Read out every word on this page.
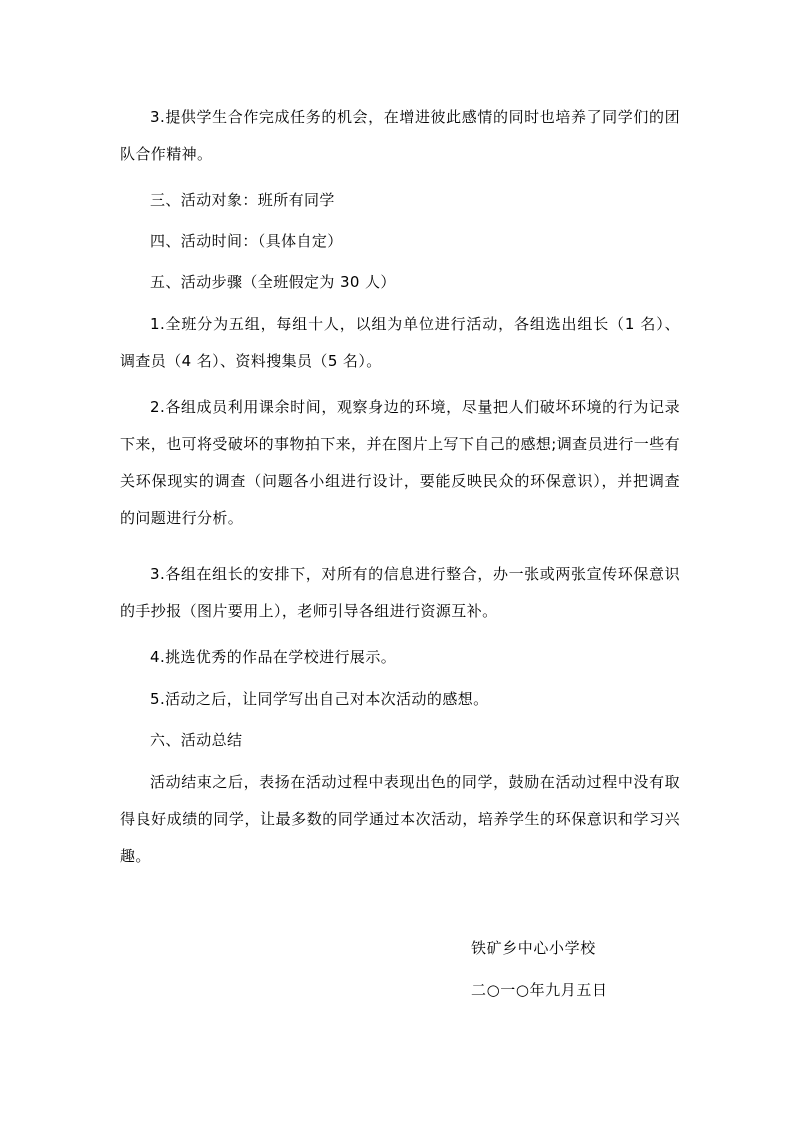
3.提供学生合作完成任务的机会，在增进彼此感情的同时也培养了同学们的团队合作精神。

三、活动对象：班所有同学

四、活动时间：（具体自定）

五、活动步骤（全班假定为 30 人）

1.全班分为五组，每组十人，以组为单位进行活动，各组选出组长（1 名）、调查员（4 名）、资料搜集员（5 名）。

2.各组成员利用课余时间，观察身边的环境，尽量把人们破坏环境的行为记录下来，也可将受破坏的事物拍下来，并在图片上写下自己的感想;调查员进行一些有关环保现实的调查（问题各小组进行设计，要能反映民众的环保意识），并把调查的问题进行分析。

3.各组在组长的安排下，对所有的信息进行整合，办一张或两张宣传环保意识的手抄报（图片要用上），老师引导各组进行资源互补。

4.挑选优秀的作品在学校进行展示。

5.活动之后，让同学写出自己对本次活动的感想。

六、活动总结

活动结束之后，表扬在活动过程中表现出色的同学，鼓励在活动过程中没有取得良好成绩的同学，让最多数的同学通过本次活动，培养学生的环保意识和学习兴趣。

铁矿乡中心小学校

二○一○年九月五日
